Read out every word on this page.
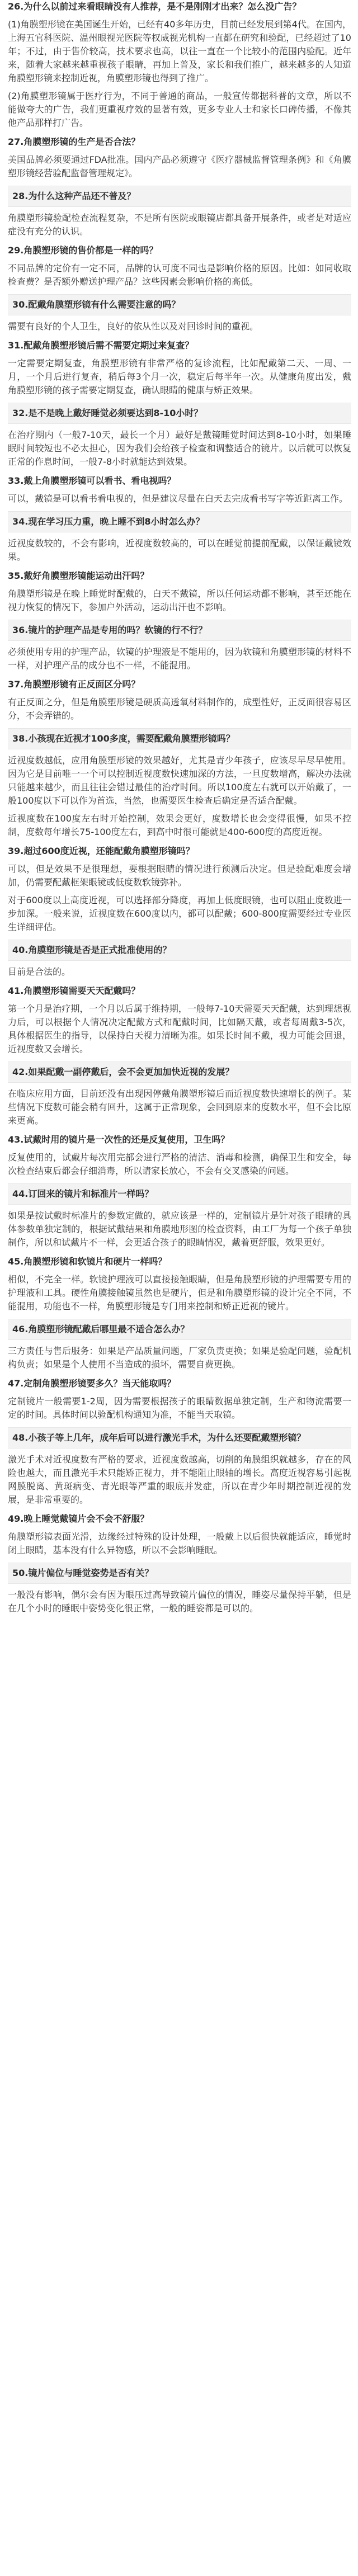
26.为什么以前过来看眼睛没有人推荐，是不是刚刚才出来？怎么没广告？

(1)角膜塑形镜在美国诞生开始，已经有40多年历史，目前已经发展到第4代。在国内，上海五官科医院、温州眼视光医院等权威视光机构一直都在研究和验配，已经超过了10年；不过，由于售价较高，技术要求也高，以往一直在一个比较小的范围内验配。近年来，随着大家越来越重视孩子眼睛，再加上普及，家长和我们推广，越来越多的人知道角膜塑形镜来控制近视，角膜塑形镜也得到了推广。

(2)角膜塑形镜属于医疗行为，不同于普通的商品，一般宣传都据科普的文章，所以不能做夸大的广告，我们更重视疗效的显著有效，更多专业人士和家长口碑传播，不像其他产品那样打广告。

27.角膜塑形镜的生产是否合法？

美国品牌必须要通过FDA批准。国内产品必须遵守《医疗器械监督管理条例》和《角膜塑形镜经营验配监督管理规定》。

28.为什么这种产品还不普及？

角膜塑形镜验配检查流程复杂，不是所有医院或眼镜店都具备开展条件，或者是对适应症没有充分的认识。

29.角膜塑形镜的售价都是一样的吗？

不同品牌的定价有一定不同，品牌的认可度不同也是影响价格的原因。比如：如同收取检查费？是否额外赠送护理产品？这些因素会影响价格的高低。

30.配戴角膜塑形镜有什么需要注意的吗？

需要有良好的个人卫生，良好的依从性以及对回诊时间的重视。

31.配戴角膜塑形镜后需不需要定期过来复查？

一定需要定期复查，角膜塑形镜有非常严格的复诊流程，比如配戴第二天、一周、一月，一个月后进行复查，稍后每3个月一次，稳定后每半年一次。从健康角度出发，戴角膜塑形镜的孩子需要定期复查，确认眼睛的健康与矫正效果。

32.是不是晚上戴好睡觉必须要达到8-10小时？

在治疗期内（一般7-10天，最长一个月）最好是戴镜睡觉时间达到8-10小时，如果睡眠时间较短也不必太担心，因为我们会给孩子检查和调整适合的镜片。以后就可以恢复正常的作息时间，一般7-8小时就能达到效果。

33.戴上角膜塑形镜可以看书、看电视吗？

可以，戴镜是可以看书看电视的，但是建议尽量在白天去完成看书写字等近距离工作。

34.现在学习压力重，晚上睡不到8小时怎么办？

近视度数较的，不会有影响，近视度数较高的，可以在睡觉前提前配戴，以保证戴镜效果。

35.戴好角膜塑形镜能运动出汗吗？

角膜塑形镜是在晚上睡觉时配戴的，白天不戴镜，所以任何运动都不影响，甚至还能在视力恢复的情况下，参加户外活动，运动出汗也不影响。

36.镜片的护理产品是专用的吗？软镜的行不行？

必须使用专用的护理产品，软镜的护理液是不能用的，因为软镜和角膜塑形镜的材料不一样，对护理产品的成分也不一样，不能混用。

37.角膜塑形镜有正反面区分吗？

有正反面之分，但是角膜塑形镜是硬质高透氧材料制作的，成型性好，正反面很容易区分，不会弄错的。

38.小孩现在近视才100多度，需要配戴角膜塑形镜吗？

近视度数越低，应用角膜塑形镜的效果越好，尤其是青少年孩子，应该尽早尽早使用。因为它是目前唯一一个可以控制近视度数快速加深的方法，一旦度数增高，解决办法就只能越来越少，而且往往会错过最佳的治疗时间。所以100度左右就可以开始戴了，一般100度以下可以作为首选，当然，也需要医生检查后确定是否适合配戴。

近视度数在100度左右时开始控制，效果会更好，度数增长也会变得很慢，如果不控制，度数每年增长75-100度左右，到高中时很可能就是400-600度的高度近视。

39.超过600度近视，还能配戴角膜塑形镜吗？

可以，但是效果不是很理想，要根据眼睛的情况进行预测后决定。但是验配难度会增加，仍需要配戴框架眼镜或低度数软镜弥补。

对于600度以上高度近视，可以选择部分降度，再加上低度眼镜，也可以阻止度数进一步加深。一般来说，近视度数在600度以内，都可以配戴；600-800度需要经过专业医生详细评估。

40.角膜塑形镜是否是正式批准使用的？

目前是合法的。

41.角膜塑形镜需要天天配戴吗？

第一个月是治疗期，一个月以后属于维持期，一般每7-10天需要天天配戴，达到理想视力后，可以根据个人情况决定配戴方式和配戴时间，比如隔天戴，或者每周戴3-5次，具体根据医生的指导，以保持白天视力清晰为准。如果长时间不戴，视力可能会回退，近视度数又会增长。

42.如果配戴一副停戴后，会不会更加加快近视的发展？

在临床应用方面，目前还没有出现因停戴角膜塑形镜后而近视度数快速增长的例子。某些情况下度数可能会稍有回升，这属于正常现象，会回到原来的度数水平，但不会比原来更高。

43.试戴时用的镜片是一次性的还是反复使用，卫生吗？

反复使用的，试戴片每次用完都会进行严格的清洁、消毒和检测，确保卫生和安全，每次检查结束后都会仔细消毒，所以请家长放心，不会有交叉感染的问题。

44.订回来的镜片和标准片一样吗？

如果是按试戴时标准片的参数定做的，就应该是一样的，定制镜片是针对孩子眼睛的具体参数单独定制的，根据试戴结果和角膜地形图的检查资料，由工厂为每一个孩子单独制作，所以和试戴片不一样，会更适合孩子的眼睛情况，戴着更舒服，效果更好。

45.角膜塑形镜和软镜片和硬片一样吗？

相似，不完全一样。软镜护理液可以直接接触眼睛，但是角膜塑形镜的护理需要专用的护理液和工具。硬性角膜接触镜虽然也是硬片，但是和角膜塑形镜的设计完全不同，不能混用，功能也不一样，角膜塑形镜是专门用来控制和矫正近视的镜片。

46.角膜塑形镜配戴后哪里最不适合怎么办？

三方责任与售后服务：如果是产品质量问题，厂家负责更换；如果是验配问题，验配机构负责；如果是个人使用不当造成的损坏，需要自费更换。

47.定制角膜塑形镜要多久？当天能取吗？

定制镜片一般需要1-2周，因为需要根据孩子的眼睛数据单独定制，生产和物流需要一定的时间。具体时间以验配机构通知为准，不能当天取镜。

48.小孩子等上几年，成年后可以进行激光手术，为什么还要配戴塑形镜？

激光手术对近视度数有严格的要求，近视度数越高，切削的角膜组织就越多，存在的风险也越大，而且激光手术只能矫正视力，并不能阻止眼轴的增长。高度近视容易引起视网膜脱离、黄斑病变、青光眼等严重的眼底并发症，所以在青少年时期控制近视的发展，是非常重要的。

49.晚上睡觉戴镜片会不会不舒服？

角膜塑形镜表面光滑，边缘经过特殊的设计处理，一般戴上以后很快就能适应，睡觉时闭上眼睛，基本没有什么异物感，所以不会影响睡眠。

50.镜片偏位与睡觉姿势是否有关？

一般没有影响，偶尔会有因为眼压过高导致镜片偏位的情况，睡姿尽量保持平躺，但是在几个小时的睡眠中姿势变化很正常，一般的睡姿都是可以的。
